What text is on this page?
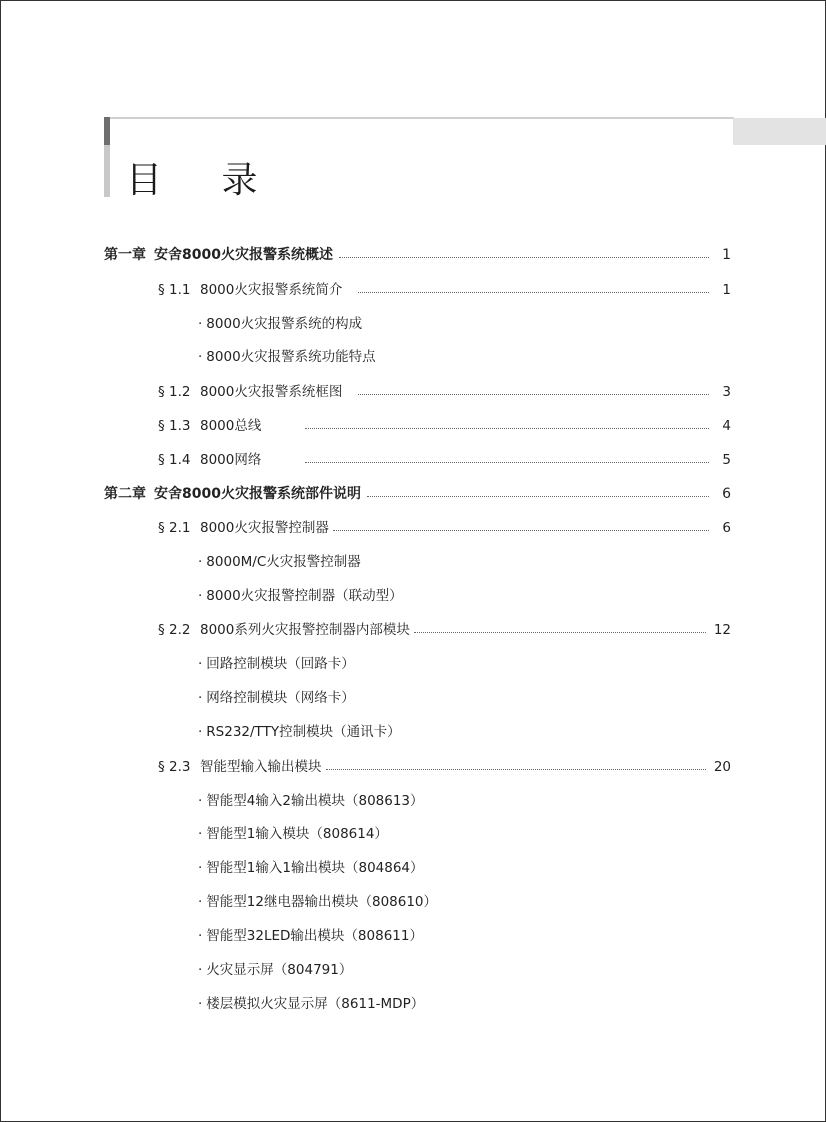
目 录
第一章 安舍8000火灾报警系统概述	1
§ 1.1 8000火灾报警系统简介	1
· 8000火灾报警系统的构成
· 8000火灾报警系统功能特点
§ 1.2 8000火灾报警系统框图	3
§ 1.3 8000总线	4
§ 1.4 8000网络	5
第二章 安舍8000火灾报警系统部件说明	6
§ 2.1 8000火灾报警控制器	6
· 8000M/C火灾报警控制器
· 8000火灾报警控制器（联动型）
§ 2.2 8000系列火灾报警控制器内部模块	12
· 回路控制模块（回路卡）
· 网络控制模块（网络卡）
· RS232/TTY控制模块（通讯卡）
§ 2.3 智能型输入输出模块	20
· 智能型4输入2输出模块（808613）
· 智能型1输入模块（808614）
· 智能型1输入1输出模块（804864）
· 智能型12继电器输出模块（808610）
· 智能型32LED输出模块（808611）
· 火灾显示屏（804791）
· 楼层模拟火灾显示屏（8611-MDP）
